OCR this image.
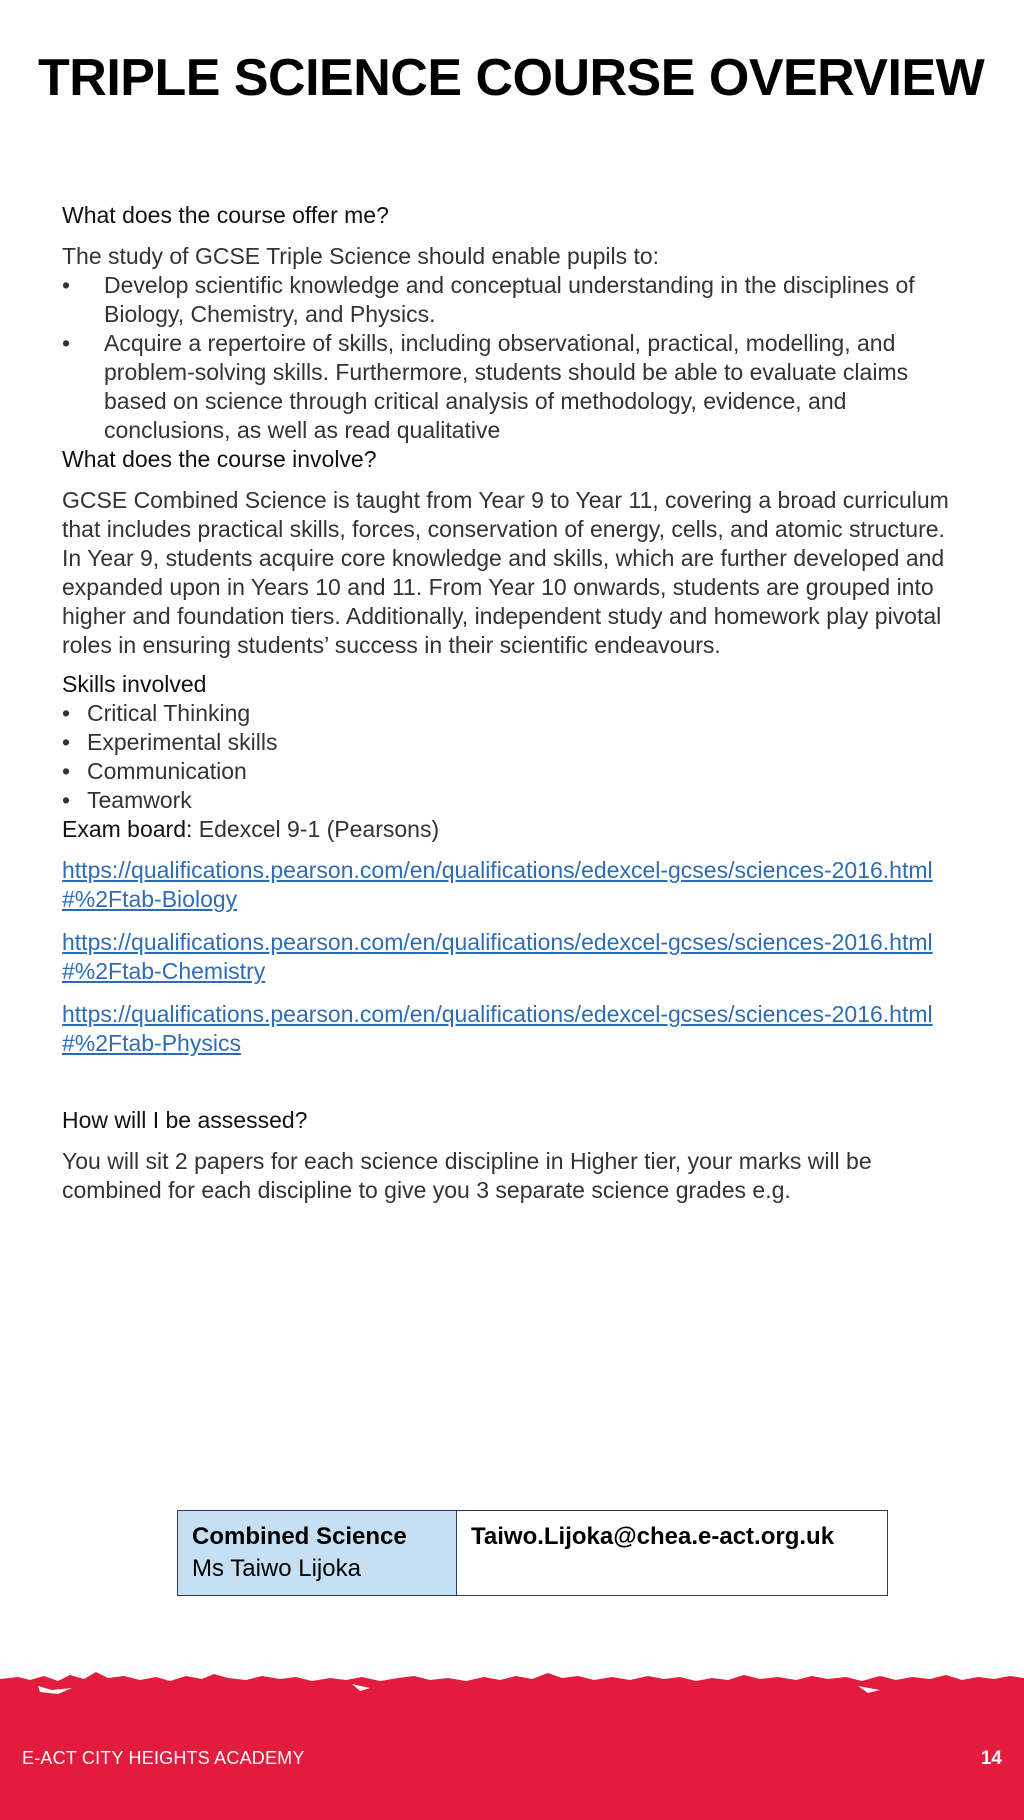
TRIPLE SCIENCE COURSE OVERVIEW
What does the course offer me?

The study of GCSE Triple Science should enable pupils to:

• Develop scientific knowledge and conceptual understanding in the disciplines of Biology, Chemistry, and Physics.
• Acquire a repertoire of skills, including observational, practical, modelling, and problem-solving skills. Furthermore, students should be able to evaluate claims based on science through critical analysis of methodology, evidence, and conclusions, as well as read qualitative
What does the course involve?

GCSE Combined Science is taught from Year 9 to Year 11, covering a broad curriculum that includes practical skills, forces, conservation of energy, cells, and atomic structure. In Year 9, students acquire core knowledge and skills, which are further developed and expanded upon in Years 10 and 11. From Year 10 onwards, students are grouped into higher and foundation tiers. Additionally, independent study and homework play pivotal roles in ensuring students’ success in their scientific endeavours.

Skills involved
• Critical Thinking
• Experimental skills
• Communication
• Teamwork

Exam board: Edexcel 9-1 (Pearsons)

https://qualifications.pearson.com/en/qualifications/edexcel-gcses/sciences-2016.html#%2Ftab-Biology
https://qualifications.pearson.com/en/qualifications/edexcel-gcses/sciences-2016.html#%2Ftab-Chemistry
https://qualifications.pearson.com/en/qualifications/edexcel-gcses/sciences-2016.html#%2Ftab-Physics
How will I be assessed?

You will sit 2 papers for each science discipline in Higher tier, your marks will be combined for each discipline to give you 3 separate science grades e.g.

Combined Science
Ms Taiwo Lijoka

Taiwo.Lijoka@chea.e-act.org.uk
E-ACT CITY HEIGHTS ACADEMY	14
